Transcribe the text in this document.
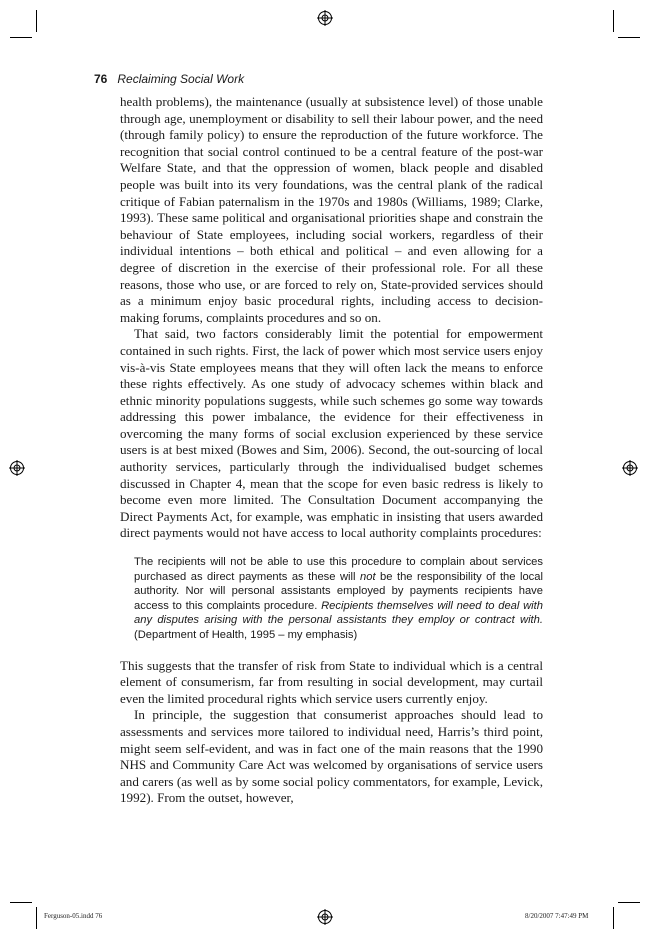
76 Reclaiming Social Work

health problems), the maintenance (usually at subsistence level) of those unable through age, unemployment or disability to sell their labour power, and the need (through family policy) to ensure the reproduction of the future workforce. The recognition that social control continued to be a central feature of the post-war Welfare State, and that the oppression of women, black people and disabled people was built into its very foundations, was the central plank of the radical critique of Fabian paternalism in the 1970s and 1980s (Williams, 1989; Clarke, 1993). These same political and organisational priorities shape and constrain the behaviour of State employees, including social workers, regardless of their individual intentions – both ethical and political – and even allowing for a degree of discretion in the exercise of their professional role. For all these reasons, those who use, or are forced to rely on, State-provided services should as a minimum enjoy basic procedural rights, including access to decision-making forums, complaints procedures and so on.

That said, two factors considerably limit the potential for empowerment contained in such rights. First, the lack of power which most service users enjoy vis-à-vis State employees means that they will often lack the means to enforce these rights effectively. As one study of advocacy schemes within black and ethnic minority populations suggests, while such schemes go some way towards addressing this power imbalance, the evidence for their effectiveness in overcoming the many forms of social exclusion experienced by these service users is at best mixed (Bowes and Sim, 2006). Second, the out-sourcing of local authority services, particularly through the individualised budget schemes discussed in Chapter 4, mean that the scope for even basic redress is likely to become even more limited. The Consultation Document accompanying the Direct Payments Act, for example, was emphatic in insisting that users awarded direct payments would not have access to local authority complaints procedures:

The recipients will not be able to use this procedure to complain about services purchased as direct payments as these will not be the responsibility of the local authority. Nor will personal assistants employed by payments recipients have access to this complaints procedure. Recipients themselves will need to deal with any disputes arising with the personal assistants they employ or contract with. (Department of Health, 1995 – my emphasis)

This suggests that the transfer of risk from State to individual which is a central element of consumerism, far from resulting in social development, may curtail even the limited procedural rights which service users currently enjoy.

In principle, the suggestion that consumerist approaches should lead to assessments and services more tailored to individual need, Harris’s third point, might seem self-evident, and was in fact one of the main reasons that the 1990 NHS and Community Care Act was welcomed by organisations of service users and carers (as well as by some social policy commentators, for example, Levick, 1992). From the outset, however,

Ferguson-05.indd 76	8/20/2007 7:47:49 PM
